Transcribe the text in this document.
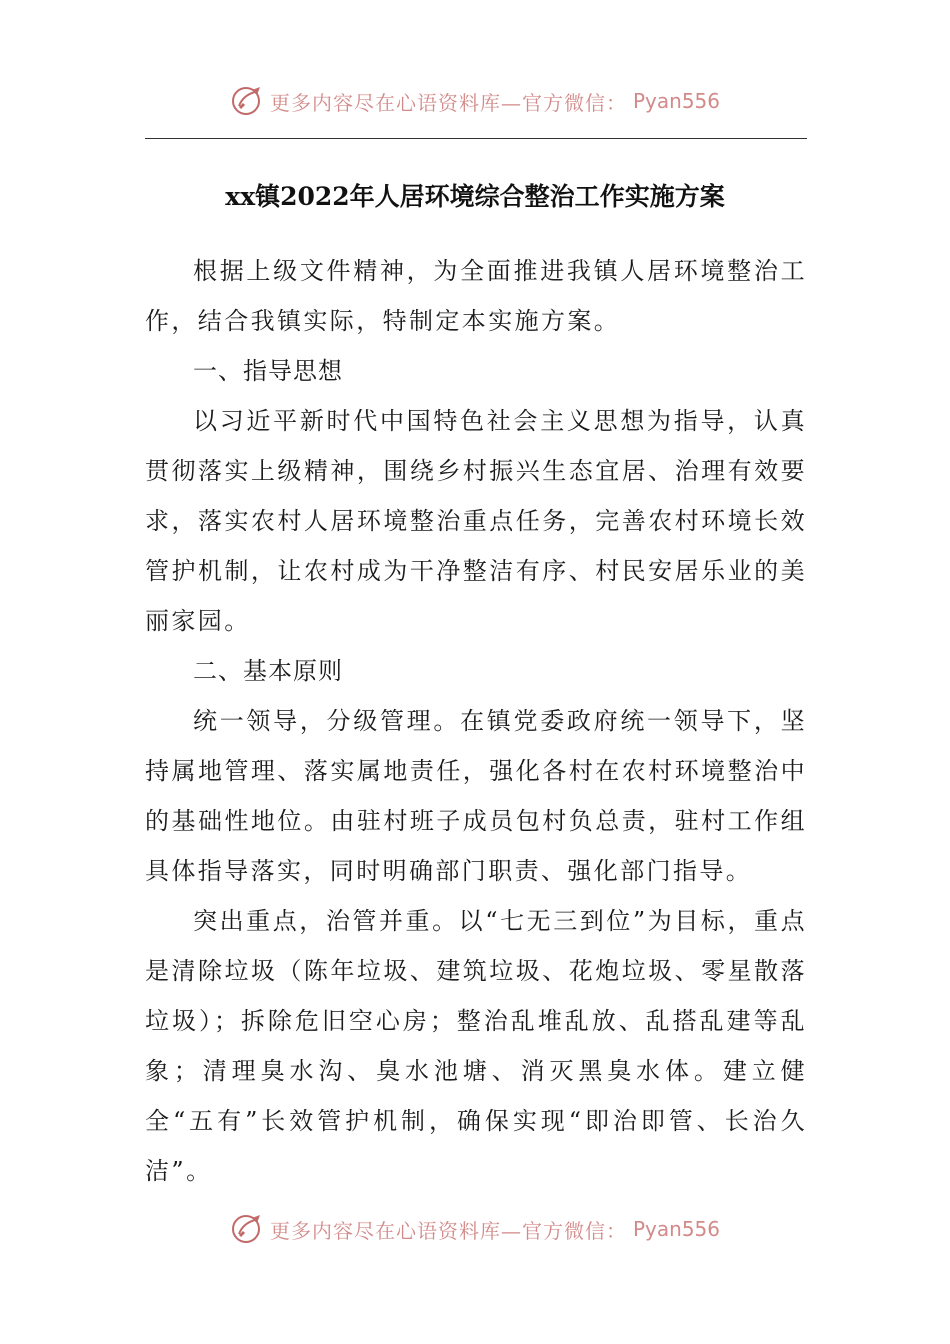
更多内容尽在心语资料库—官方微信： Pyan556
xx镇2022年人居环境综合整治工作实施方案

根据上级文件精神，为全面推进我镇人居环境整治工作，结合我镇实际，特制定本实施方案。

一、指导思想

以习近平新时代中国特色社会主义思想为指导，认真贯彻落实上级精神，围绕乡村振兴生态宜居、治理有效要求，落实农村人居环境整治重点任务，完善农村环境长效管护机制，让农村成为干净整洁有序、村民安居乐业的美丽家园。

二、基本原则

统一领导，分级管理。在镇党委政府统一领导下，坚持属地管理、落实属地责任，强化各村在农村环境整治中的基础性地位。由驻村班子成员包村负总责，驻村工作组具体指导落实，同时明确部门职责、强化部门指导。

突出重点，治管并重。以“七无三到位”为目标，重点是清除垃圾（陈年垃圾、建筑垃圾、花炮垃圾、零星散落垃圾）；拆除危旧空心房；整治乱堆乱放、乱搭乱建等乱象；清理臭水沟、臭水池塘、消灭黑臭水体。建立健全“五有”长效管护机制，确保实现“即治即管、长治久洁”。

更多内容尽在心语资料库—官方微信： Pyan556
